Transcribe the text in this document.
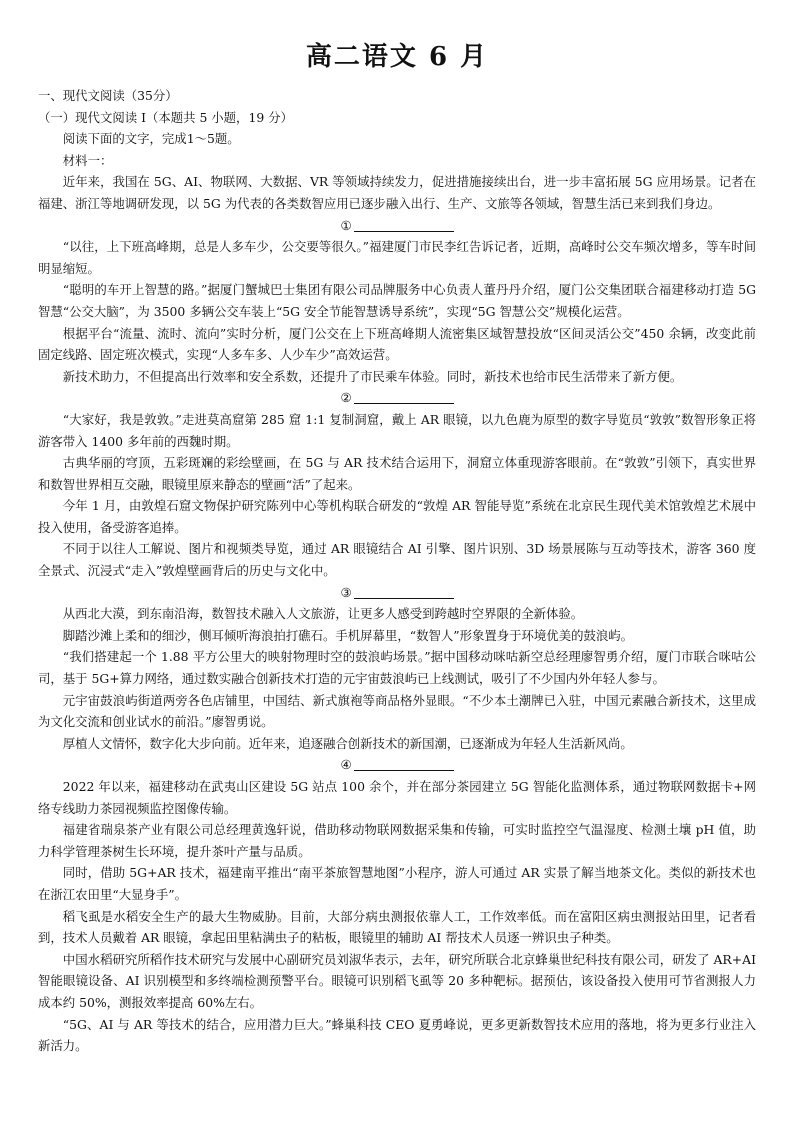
高二语文 6 月

一、现代文阅读（35分）

（一）现代文阅读 I（本题共 5 小题，19 分）

阅读下面的文字，完成1～5题。

材料一：

近年来，我国在 5G、AI、物联网、大数据、VR 等领域持续发力，促进措施接续出台，进一步丰富拓展 5G 应用场景。记者在福建、浙江等地调研发现，以 5G 为代表的各类数智应用已逐步融入出行、生产、文旅等各领域，智慧生活已来到我们身边。

①

“以往，上下班高峰期，总是人多车少，公交要等很久。”福建厦门市民李红告诉记者，近期，高峰时公交车频次增多，等车时间明显缩短。

“聪明的车开上智慧的路。”据厦门蟹城巴士集团有限公司品牌服务中心负责人董丹丹介绍，厦门公交集团联合福建移动打造 5G 智慧“公交大脑”，为 3500 多辆公交车装上“5G 安全节能智慧诱导系统”，实现“5G 智慧公交”规模化运营。

根据平台“流量、流时、流向”实时分析，厦门公交在上下班高峰期人流密集区域智慧投放“区间灵活公交”450 余辆，改变此前固定线路、固定班次模式，实现“人多车多、人少车少”高效运营。

新技术助力，不但提高出行效率和安全系数，还提升了市民乘车体验。同时，新技术也给市民生活带来了新方便。

②

“大家好，我是敦敦。”走进莫高窟第 285 窟 1:1 复制洞窟，戴上 AR 眼镜，以九色鹿为原型的数字导览员“敦敦”数智形象正将游客带入 1400 多年前的西魏时期。

古典华丽的穹顶，五彩斑斓的彩绘壁画，在 5G 与 AR 技术结合运用下，洞窟立体重现游客眼前。在“敦敦”引领下，真实世界和数智世界相互交融，眼镜里原来静态的壁画“活”了起来。

今年 1 月，由敦煌石窟文物保护研究陈列中心等机构联合研发的“敦煌 AR 智能导览”系统在北京民生现代美术馆敦煌艺术展中投入使用，备受游客追捧。

不同于以往人工解说、图片和视频类导览，通过 AR 眼镜结合 AI 引擎、图片识别、3D 场景展陈与互动等技术，游客 360 度全景式、沉浸式“走入”敦煌壁画背后的历史与文化中。

③

从西北大漠，到东南沿海，数智技术融入人文旅游，让更多人感受到跨越时空界限的全新体验。

脚踏沙滩上柔和的细沙，侧耳倾听海浪拍打礁石。手机屏幕里，“数智人”形象置身于环境优美的鼓浪屿。

“我们搭建起一个 1.88 平方公里大的映射物理时空的鼓浪屿场景。”据中国移动咪咕新空总经理廖智勇介绍，厦门市联合咪咕公司，基于 5G+算力网络，通过数实融合创新技术打造的元宇宙鼓浪屿已上线测试，吸引了不少国内外年轻人参与。

元宇宙鼓浪屿街道两旁各色店铺里，中国结、新式旗袍等商品格外显眼。“不少本土潮牌已入驻，中国元素融合新技术，这里成为文化交流和创业试水的前沿。”廖智勇说。

厚植人文情怀，数字化大步向前。近年来，追逐融合创新技术的新国潮，已逐渐成为年轻人生活新风尚。

④

2022 年以来，福建移动在武夷山区建设 5G 站点 100 余个，并在部分茶园建立 5G 智能化监测体系，通过物联网数据卡+网络专线助力茶园视频监控图像传输。

福建省瑞泉茶产业有限公司总经理黄逸轩说，借助移动物联网数据采集和传输，可实时监控空气温湿度、检测土壤 pH 值，助力科学管理茶树生长环境，提升茶叶产量与品质。

同时，借助 5G+AR 技术，福建南平推出“南平茶旅智慧地图”小程序，游人可通过 AR 实景了解当地茶文化。类似的新技术也在浙江农田里“大显身手”。

稻飞虱是水稻安全生产的最大生物威胁。目前，大部分病虫测报依靠人工，工作效率低。而在富阳区病虫测报站田里，记者看到，技术人员戴着 AR 眼镜，拿起田里粘满虫子的粘板，眼镜里的辅助 AI 帮技术人员逐一辨识虫子种类。

中国水稻研究所稻作技术研究与发展中心副研究员刘淑华表示，去年，研究所联合北京蜂巢世纪科技有限公司，研发了 AR+AI 智能眼镜设备、AI 识别模型和多终端检测预警平台。眼镜可识别稻飞虱等 20 多种靶标。据预估，该设备投入使用可节省测报人力成本约 50%，测报效率提高 60%左右。

“5G、AI 与 AR 等技术的结合，应用潜力巨大。”蜂巢科技 CEO 夏勇峰说，更多更新数智技术应用的落地，将为更多行业注入新活力。
